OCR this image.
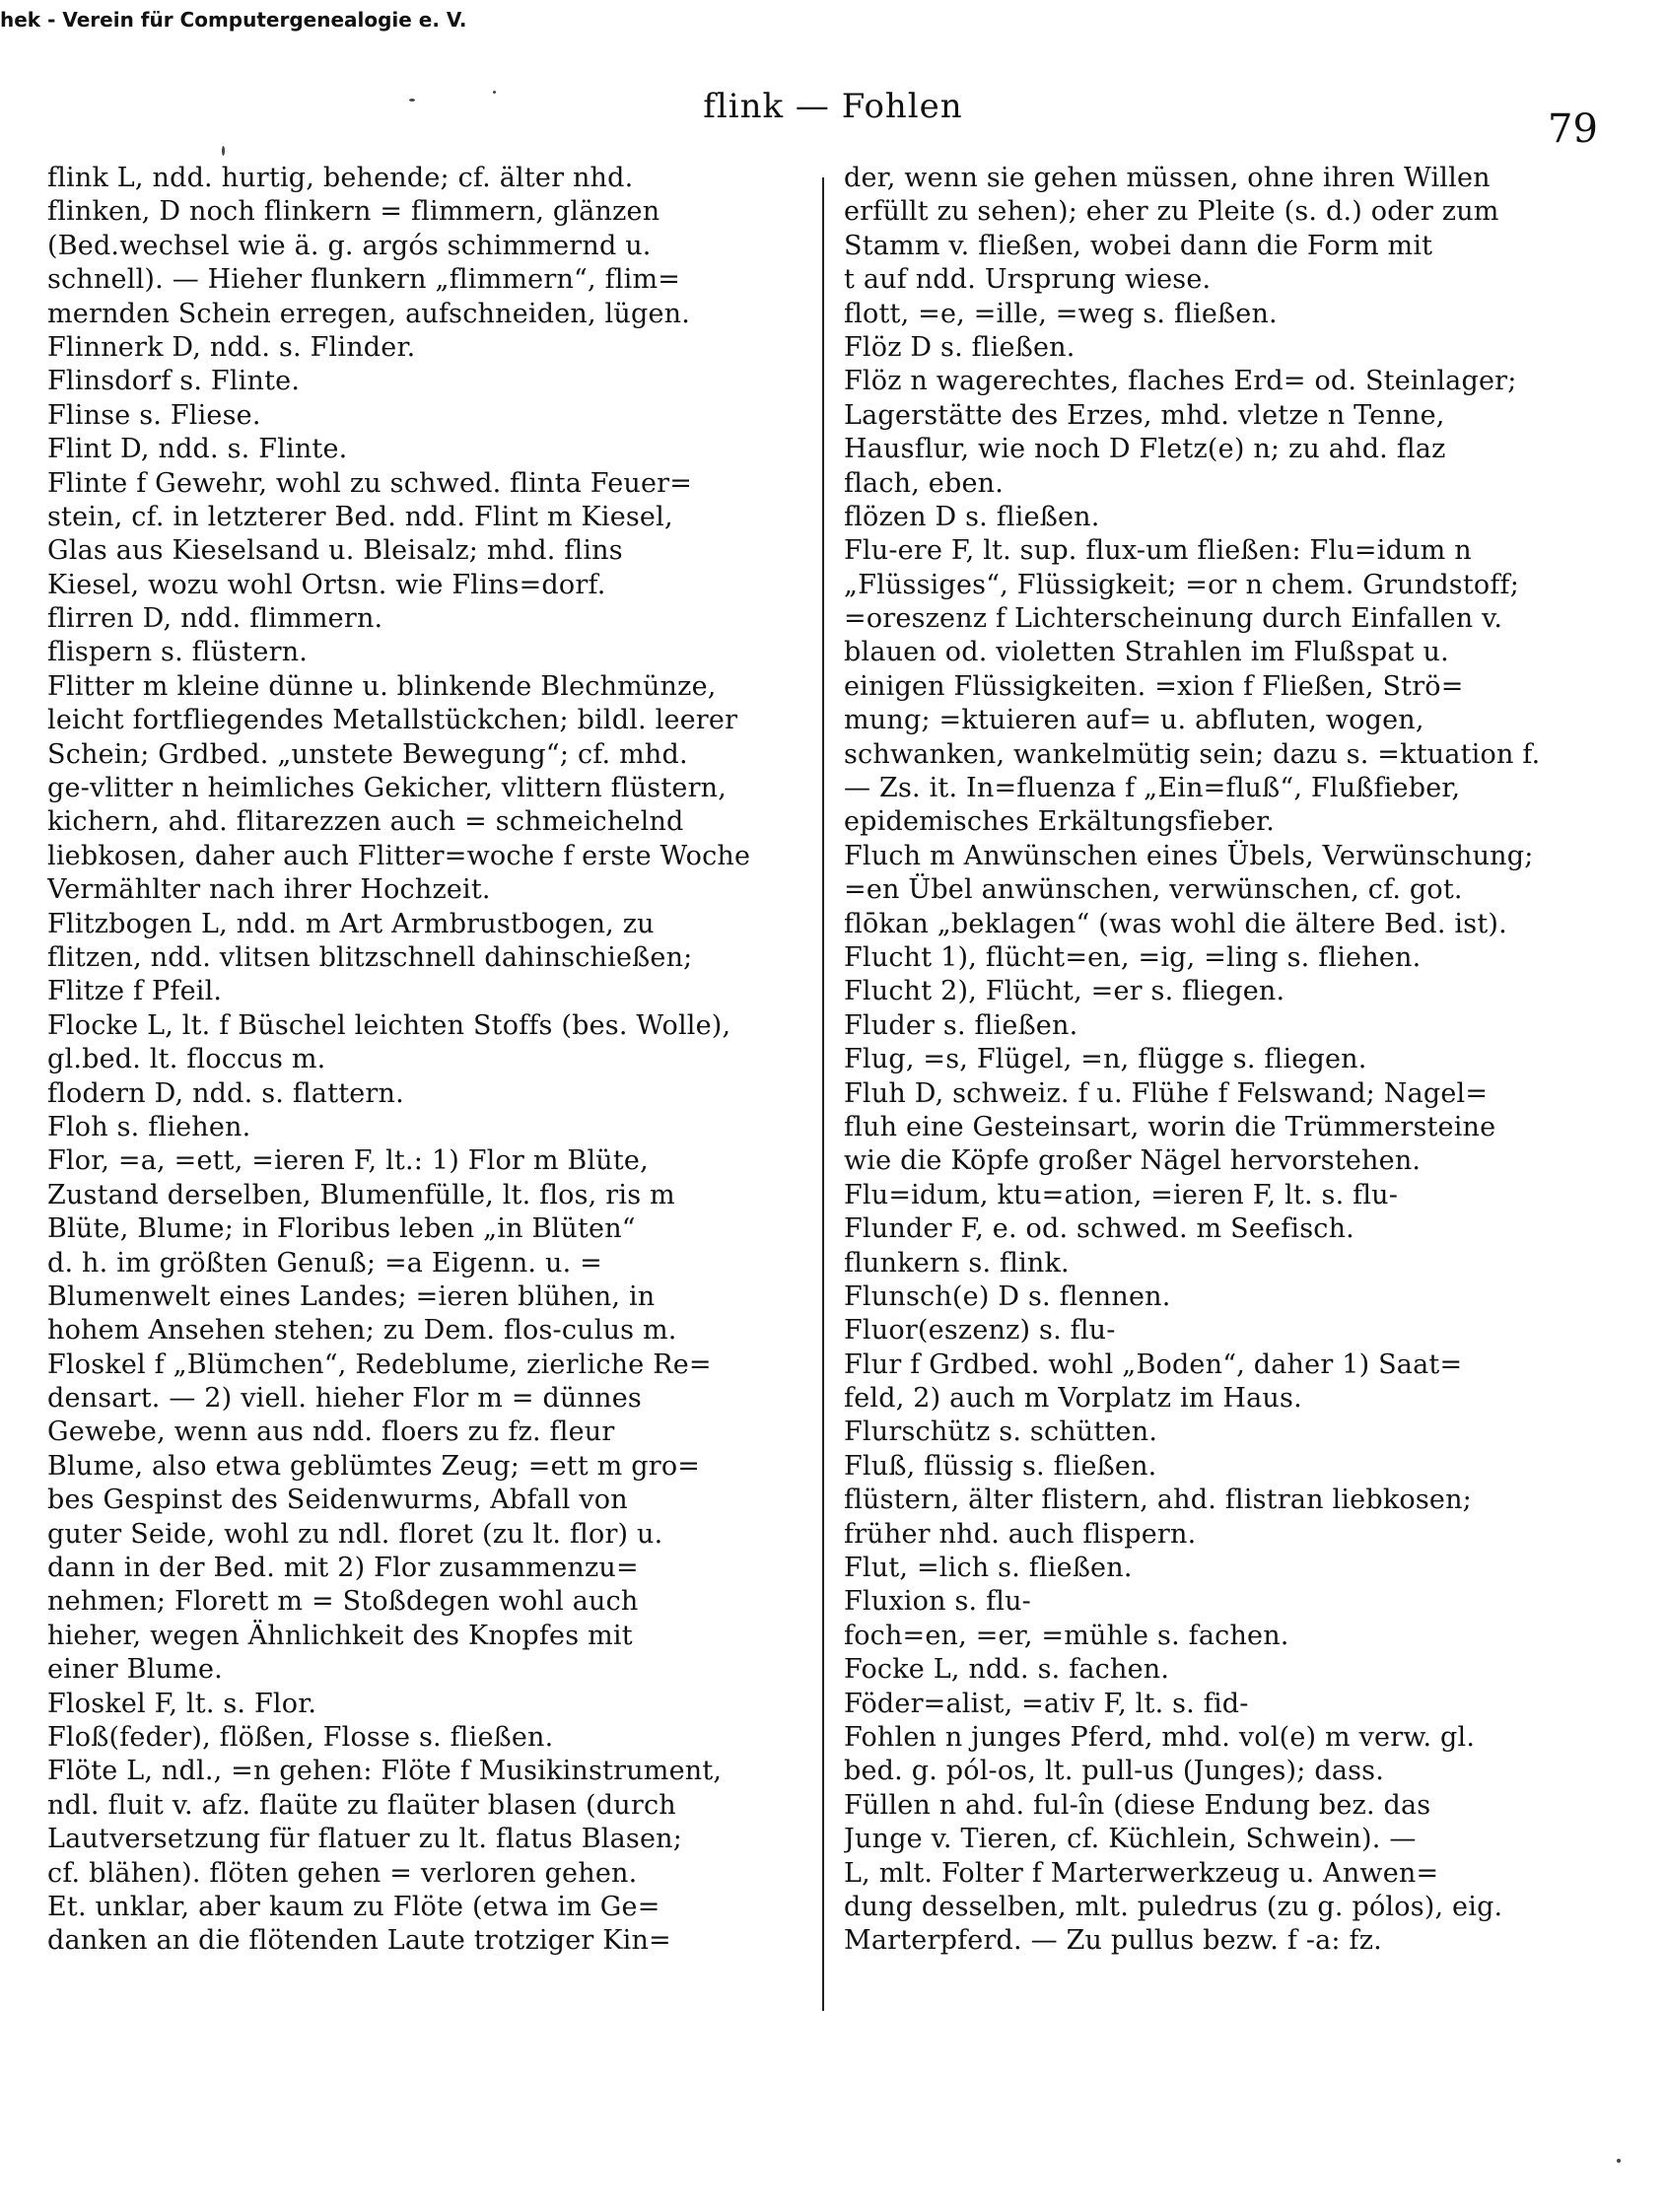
hek - Verein für Computergenealogie e. V.
flink — Fohlen	79
flink L, ndd. hurtig, behende; cf. älter nhd.
flinken, D noch flinkern = flimmern, glänzen
(Bed.wechsel wie ä. g. argós schimmernd u.
schnell). — Hieher flunkern „flimmern“, flim=
mernden Schein erregen, aufschneiden, lügen.
Flinnerk D, ndd. s. Flinder.
Flinsdorf s. Flinte.
Flinse s. Fliese.
Flint D, ndd. s. Flinte.
Flinte f Gewehr, wohl zu schwed. flinta Feuer=
stein, cf. in letzterer Bed. ndd. Flint m Kiesel,
Glas aus Kieselsand u. Bleisalz; mhd. flins
Kiesel, wozu wohl Ortsn. wie Flins=dorf.
flirren D, ndd. flimmern.
flispern s. flüstern.
Flitter m kleine dünne u. blinkende Blechmünze,
leicht fortfliegendes Metallstückchen; bildl. leerer
Schein; Grdbed. „unstete Bewegung“; cf. mhd.
ge-vlitter n heimliches Gekicher, vlittern flüstern,
kichern, ahd. flitarezzen auch = schmeichelnd
liebkosen, daher auch Flitter=woche f erste Woche
Vermählter nach ihrer Hochzeit.
Flitzbogen L, ndd. m Art Armbrustbogen, zu
flitzen, ndd. vlitsen blitzschnell dahinschießen;
Flitze f Pfeil.
Flocke L, lt. f Büschel leichten Stoffs (bes. Wolle),
gl.bed. lt. floccus m.
flodern D, ndd. s. flattern.
Floh s. fliehen.
Flor, =a, =ett, =ieren F, lt.: 1) Flor m Blüte,
Zustand derselben, Blumenfülle, lt. flos, ris m
Blüte, Blume; in Floribus leben „in Blüten“
d. h. im größten Genuß; =a Eigenn. u. =
Blumenwelt eines Landes; =ieren blühen, in
hohem Ansehen stehen; zu Dem. flos-culus m.
Floskel f „Blümchen“, Redeblume, zierliche Re=
densart. — 2) viell. hieher Flor m = dünnes
Gewebe, wenn aus ndd. floers zu fz. fleur
Blume, also etwa geblümtes Zeug; =ett m gro=
bes Gespinst des Seidenwurms, Abfall von
guter Seide, wohl zu ndl. floret (zu lt. flor) u.
dann in der Bed. mit 2) Flor zusammenzu=
nehmen; Florett m = Stoßdegen wohl auch
hieher, wegen Ähnlichkeit des Knopfes mit
einer Blume.
Floskel F, lt. s. Flor.
Floß(feder), flößen, Flosse s. fließen.
Flöte L, ndl., =n gehen: Flöte f Musikinstrument,
ndl. fluit v. afz. flaüte zu flaüter blasen (durch
Lautversetzung für flatuer zu lt. flatus Blasen;
cf. blähen). flöten gehen = verloren gehen.
Et. unklar, aber kaum zu Flöte (etwa im Ge=
danken an die flötenden Laute trotziger Kin=
der, wenn sie gehen müssen, ohne ihren Willen
erfüllt zu sehen); eher zu Pleite (s. d.) oder zum
Stamm v. fließen, wobei dann die Form mit
t auf ndd. Ursprung wiese.
flott, =e, =ille, =weg s. fließen.
Flöz D s. fließen.
Flöz n wagerechtes, flaches Erd= od. Steinlager;
Lagerstätte des Erzes, mhd. vletze n Tenne,
Hausflur, wie noch D Fletz(e) n; zu ahd. flaz
flach, eben.
flözen D s. fließen.
Flu-ere F, lt. sup. flux-um fließen: Flu=idum n
„Flüssiges“, Flüssigkeit; =or n chem. Grundstoff;
=oreszenz f Lichterscheinung durch Einfallen v.
blauen od. violetten Strahlen im Flußspat u.
einigen Flüssigkeiten. =xion f Fließen, Strö=
mung; =ktuieren auf= u. abfluten, wogen,
schwanken, wankelmütig sein; dazu s. =ktuation f.
— Zs. it. In=fluenza f „Ein=fluß“, Flußfieber,
epidemisches Erkältungsfieber.
Fluch m Anwünschen eines Übels, Verwünschung;
=en Übel anwünschen, verwünschen, cf. got.
flōkan „beklagen“ (was wohl die ältere Bed. ist).
Flucht 1), flücht=en, =ig, =ling s. fliehen.
Flucht 2), Flücht, =er s. fliegen.
Fluder s. fließen.
Flug, =s, Flügel, =n, flügge s. fliegen.
Fluh D, schweiz. f u. Flühe f Felswand; Nagel=
fluh eine Gesteinsart, worin die Trümmersteine
wie die Köpfe großer Nägel hervorstehen.
Flu=idum, ktu=ation, =ieren F, lt. s. flu-
Flunder F, e. od. schwed. m Seefisch.
flunkern s. flink.
Flunsch(e) D s. flennen.
Fluor(eszenz) s. flu-
Flur f Grdbed. wohl „Boden“, daher 1) Saat=
feld, 2) auch m Vorplatz im Haus.
Flurschütz s. schütten.
Fluß, flüssig s. fließen.
flüstern, älter flistern, ahd. flistran liebkosen;
früher nhd. auch flispern.
Flut, =lich s. fließen.
Fluxion s. flu-
foch=en, =er, =mühle s. fachen.
Focke L, ndd. s. fachen.
Föder=alist, =ativ F, lt. s. fid-
Fohlen n junges Pferd, mhd. vol(e) m verw. gl.
bed. g. pól-os, lt. pull-us (Junges); dass.
Füllen n ahd. ful-în (diese Endung bez. das
Junge v. Tieren, cf. Küchlein, Schwein). —
L, mlt. Folter f Marterwerkzeug u. Anwen=
dung desselben, mlt. puledrus (zu g. pólos), eig.
Marterpferd. — Zu pullus bezw. f -a: fz.
